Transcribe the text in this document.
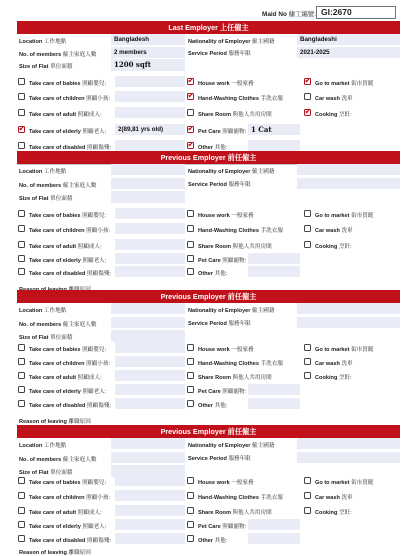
Maid No 傭工編號: GI:2670
Last Employer 上任僱主
Location 工作地點	Bangladesh	Nationality of Employer 僱主國籍	Bangladeshi
No. of members 僱主家庭人數	2 members	Service Period 服務年限	2021-2025
Size of Flat 單位面積	1200 sqft
Take care of babies 照顧嬰兒:
Take care of children 照顧小孩:
Take care of adult 照顧成人:
✔
Take care of elderly 照顧老人:	2(89,81 yrs old)
Take care of disabled 照顧傷殘:
✔
House work 一般家務
✔
Hand-Washing Clothes 手洗衣服
Share Room 與他人共用房間
✔
Pet Care 照顧寵物: 1 Cat
✔
Other 其他:
✔
Go to market 街市買餸
Car wash 洗車
✔
Cooking 烹飪:
Previous Employer 前任僱主
Location 工作地點	Nationality of Employer 僱主國籍
No. of members 僱主家庭人數	Service Period 服務年限
Size of Flat 單位面積
Take care of babies 照顧嬰兒:
Take care of children 照顧小孩:
Take care of adult 照顧成人:
Take care of elderly 照顧老人:
Take care of disabled 照顧傷殘:
House work 一般家務
Hand-Washing Clothes 手洗衣服
Share Room 與他人共用房間
Pet Care 照顧寵物:
Other 其他:
Go to market 街市買餸
Car wash 洗車
Cooking 烹飪:
Previous Employer 前任僱主
Location 工作地點	Nationality of Employer 僱主國籍
No. of members 僱主家庭人數	Service Period 服務年限
Size of Flat 單位面積
Take care of babies 照顧嬰兒:
Take care of children 照顧小孩:
Take care of adult 照顧成人:
Take care of elderly 照顧老人:
Take care of disabled 照顧傷殘:
House work 一般家務
Hand-Washing Clothes 手洗衣服
Share Room 與他人共用房間
Pet Care 照顧寵物:
Other 其他:
Go to market 街市買餸
Car wash 洗車
Cooking 烹飪:
Reason of leaving 離職原因
Previous Employer 前任僱主
Location 工作地點	Nationality of Employer 僱主國籍
No. of members 僱主家庭人數	Service Period 服務年限
Size of Flat 單位面積
Take care of babies 照顧嬰兒:
Take care of children 照顧小孩:
Take care of adult 照顧成人:
Take care of elderly 照顧老人:
Take care of disabled 照顧傷殘:
House work 一般家務
Hand-Washing Clothes 手洗衣服
Share Room 與他人共用房間
Pet Care 照顧寵物:
Other 其他:
Go to market 街市買餸
Car wash 洗車
Cooking 烹飪:
Reason of leaving 離職原因
